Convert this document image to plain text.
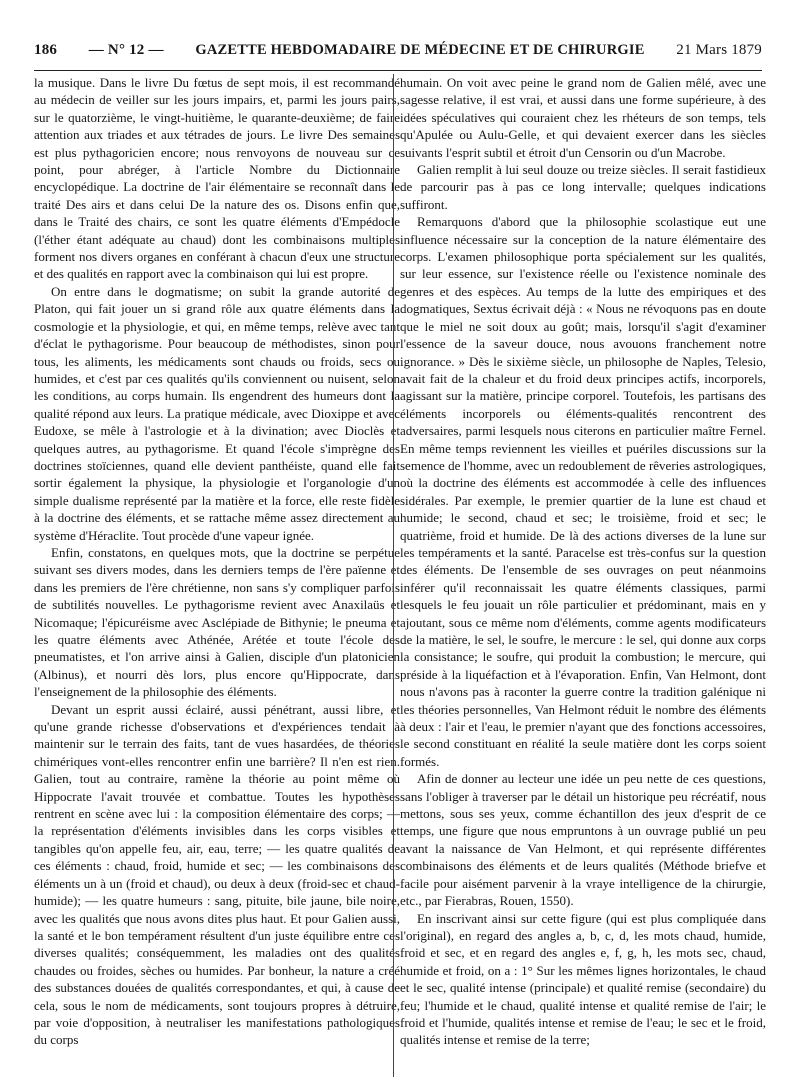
186 — N° 12 — GAZETTE HEBDOMADAIRE DE MÉDECINE ET DE CHIRURGIE 21 Mars 1879

la musique. Dans le livre Du fœtus de sept mois, il est recommandé au médecin de veiller sur les jours impairs, et, parmi les jours pairs, sur le quatorzième, le vingt-huitième, le quarante-deuxième; de faire attention aux triades et aux tétrades de jours. Le livre Des semaines est plus pythagoricien encore; nous renvoyons de nouveau sur ce point, pour abréger, à l'article Nombre du Dictionnaire encyclopédique. La doctrine de l'air élémentaire se reconnaît dans le traité Des airs et dans celui De la nature des os. Disons enfin que, dans le Traité des chairs, ce sont les quatre éléments d'Empédocle (l'éther étant adéquate au chaud) dont les combinaisons multiples forment nos divers organes en conférant à chacun d'eux une structure et des qualités en rapport avec la combinaison qui lui est propre.

On entre dans le dogmatisme; on subit la grande autorité de Platon, qui fait jouer un si grand rôle aux quatre éléments dans la cosmologie et la physiologie, et qui, en même temps, relève avec tant d'éclat le pythagorisme. Pour beaucoup de méthodistes, sinon pour tous, les aliments, les médicaments sont chauds ou froids, secs ou humides, et c'est par ces qualités qu'ils conviennent ou nuisent, selon les conditions, au corps humain. Ils engendrent des humeurs dont la qualité répond aux leurs. La pratique médicale, avec Dioxippe et avec Eudoxe, se mêle à l'astrologie et à la divination; avec Dioclès et quelques autres, au pythagorisme. Et quand l'école s'imprègne des doctrines stoïciennes, quand elle devient panthéiste, quand elle fait sortir également la physique, la physiologie et l'organologie d'un simple dualisme représenté par la matière et la force, elle reste fidèle à la doctrine des éléments, et se rattache même assez directement au système d'Héraclite. Tout procède d'une vapeur ignée.

Enfin, constatons, en quelques mots, que la doctrine se perpétue suivant ses divers modes, dans les derniers temps de l'ère païenne et dans les premiers de l'ère chrétienne, non sans s'y compliquer parfois de subtilités nouvelles. Le pythagorisme revient avec Anaxilaüs et Nicomaque; l'épicuréisme avec Asclépiade de Bithynie; le pneuma et les quatre éléments avec Athénée, Arétée et toute l'école des pneumatistes, et l'on arrive ainsi à Galien, disciple d'un platonicien (Albinus), et nourri dès lors, plus encore qu'Hippocrate, dans l'enseignement de la philosophie des éléments.

Devant un esprit aussi éclairé, aussi pénétrant, aussi libre, et qu'une grande richesse d'observations et d'expériences tendait à maintenir sur le terrain des faits, tant de vues hasardées, de théories chimériques vont-elles rencontrer enfin une barrière? Il n'en est rien. Galien, tout au contraire, ramène la théorie au point même où Hippocrate l'avait trouvée et combattue. Toutes les hypothèses rentrent en scène avec lui : la composition élémentaire des corps; — la représentation d'éléments invisibles dans les corps visibles et tangibles qu'on appelle feu, air, eau, terre; — les quatre qualités de ces éléments : chaud, froid, humide et sec; — les combinaisons des éléments un à un (froid et chaud), ou deux à deux (froid-sec et chaud-humide); — les quatre humeurs : sang, pituite, bile jaune, bile noire, avec les qualités que nous avons dites plus haut. Et pour Galien aussi, la santé et le bon tempérament résultent d'un juste équilibre entre ces diverses qualités; conséquemment, les maladies ont des qualités chaudes ou froides, sèches ou humides. Par bonheur, la nature a créé des substances douées de qualités correspondantes, et qui, à cause de cela, sous le nom de médicaments, sont toujours propres à détruire, par voie d'opposition, à neutraliser les manifestations pathologiques du corps

humain. On voit avec peine le grand nom de Galien mêlé, avec une sagesse relative, il est vrai, et aussi dans une forme supérieure, à des idées spéculatives qui couraient chez les rhéteurs de son temps, tels qu'Apulée ou Aulu-Gelle, et qui devaient exercer dans les siècles suivants l'esprit subtil et étroit d'un Censorin ou d'un Macrobe.

Galien remplit à lui seul douze ou treize siècles. Il serait fastidieux de parcourir pas à pas ce long intervalle; quelques indications suffiront.

Remarquons d'abord que la philosophie scolastique eut une influence nécessaire sur la conception de la nature élémentaire des corps. L'examen philosophique porta spécialement sur les qualités, sur leur essence, sur l'existence réelle ou l'existence nominale des genres et des espèces. Au temps de la lutte des empiriques et des dogmatiques, Sextus écrivait déjà : « Nous ne révoquons pas en doute que le miel ne soit doux au goût; mais, lorsqu'il s'agit d'examiner l'essence de la saveur douce, nous avouons franchement notre ignorance. » Dès le sixième siècle, un philosophe de Naples, Telesio, avait fait de la chaleur et du froid deux principes actifs, incorporels, agissant sur la matière, principe corporel. Toutefois, les partisans des éléments incorporels ou éléments-qualités rencontrent des adversaires, parmi lesquels nous citerons en particulier maître Fernel. En même temps reviennent les vieilles et puériles discussions sur la semence de l'homme, avec un redoublement de rêveries astrologiques, où la doctrine des éléments est accommodée à celle des influences sidérales. Par exemple, le premier quartier de la lune est chaud et humide; le second, chaud et sec; le troisième, froid et sec; le quatrième, froid et humide. De là des actions diverses de la lune sur les tempéraments et la santé. Paracelse est très-confus sur la question des éléments. De l'ensemble de ses ouvrages on peut néanmoins inférer qu'il reconnaissait les quatre éléments classiques, parmi lesquels le feu jouait un rôle particulier et prédominant, mais en y ajoutant, sous ce même nom d'éléments, comme agents modificateurs de la matière, le sel, le soufre, le mercure : le sel, qui donne aux corps la consistance; le soufre, qui produit la combustion; le mercure, qui préside à la liquéfaction et à l'évaporation. Enfin, Van Helmont, dont nous n'avons pas à raconter la guerre contre la tradition galénique ni les théories personnelles, Van Helmont réduit le nombre des éléments à deux : l'air et l'eau, le premier n'ayant que des fonctions accessoires, le second constituant en réalité la seule matière dont les corps soient formés.

Afin de donner au lecteur une idée un peu nette de ces questions, sans l'obliger à traverser par le détail un historique peu récréatif, nous mettons, sous ses yeux, comme échantillon des jeux d'esprit de ce temps, une figure que nous empruntons à un ouvrage publié un peu avant la naissance de Van Helmont, et qui représente différentes combinaisons des éléments et de leurs qualités (Méthode briefve et facile pour aisément parvenir à la vraye intelligence de la chirurgie, etc., par Fierabras, Rouen, 1550).

En inscrivant ainsi sur cette figure (qui est plus compliquée dans l'original), en regard des angles a, b, c, d, les mots chaud, humide, froid et sec, et en regard des angles e, f, g, h, les mots sec, chaud, humide et froid, on a : 1° Sur les mêmes lignes horizontales, le chaud et le sec, qualité intense (principale) et qualité remise (secondaire) du feu; l'humide et le chaud, qualité intense et qualité remise de l'air; le froid et l'humide, qualités intense et remise de l'eau; le sec et le froid, qualités intense et remise de la terre;
